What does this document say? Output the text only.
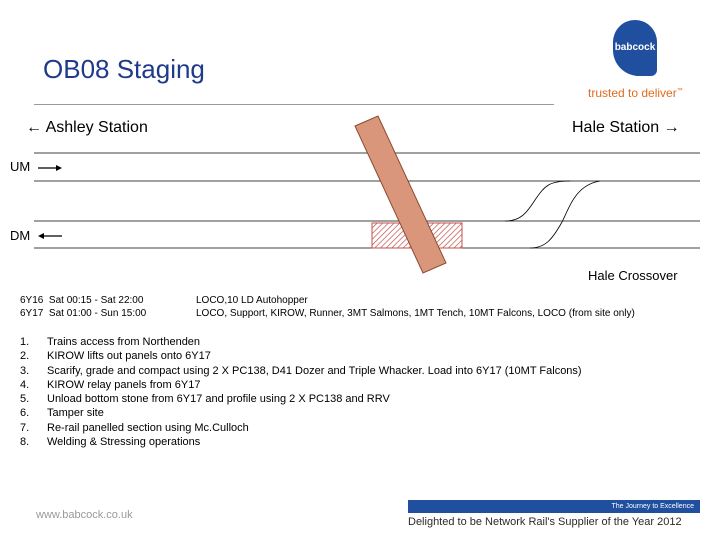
OB08 Staging
babcock
trusted to deliver™
← Ashley Station	Hale Station →
UM
DM
Hale Crossover
6Y16 Sat 00:15 - Sat 22:00
6Y17 Sat 01:00 - Sun 15:00
LOCO,10 LD Autohopper
LOCO, Support, KIROW, Runner, 3MT Salmons, 1MT Tench, 10MT Falcons, LOCO (from site only)
1. Trains access from Northenden
2. KIROW lifts out panels onto 6Y17
3. Scarify, grade and compact using 2 X PC138, D41 Dozer and Triple Whacker. Load into 6Y17 (10MT Falcons)
4. KIROW relay panels from 6Y17
5. Unload bottom stone from 6Y17 and profile using 2 X PC138 and RRV
6. Tamper site
7. Re-rail panelled section using Mc.Culloch
8. Welding & Stressing operations
www.babcock.co.uk
The Journey to Excellence
Delighted to be Network Rail's Supplier of the Year 2012
